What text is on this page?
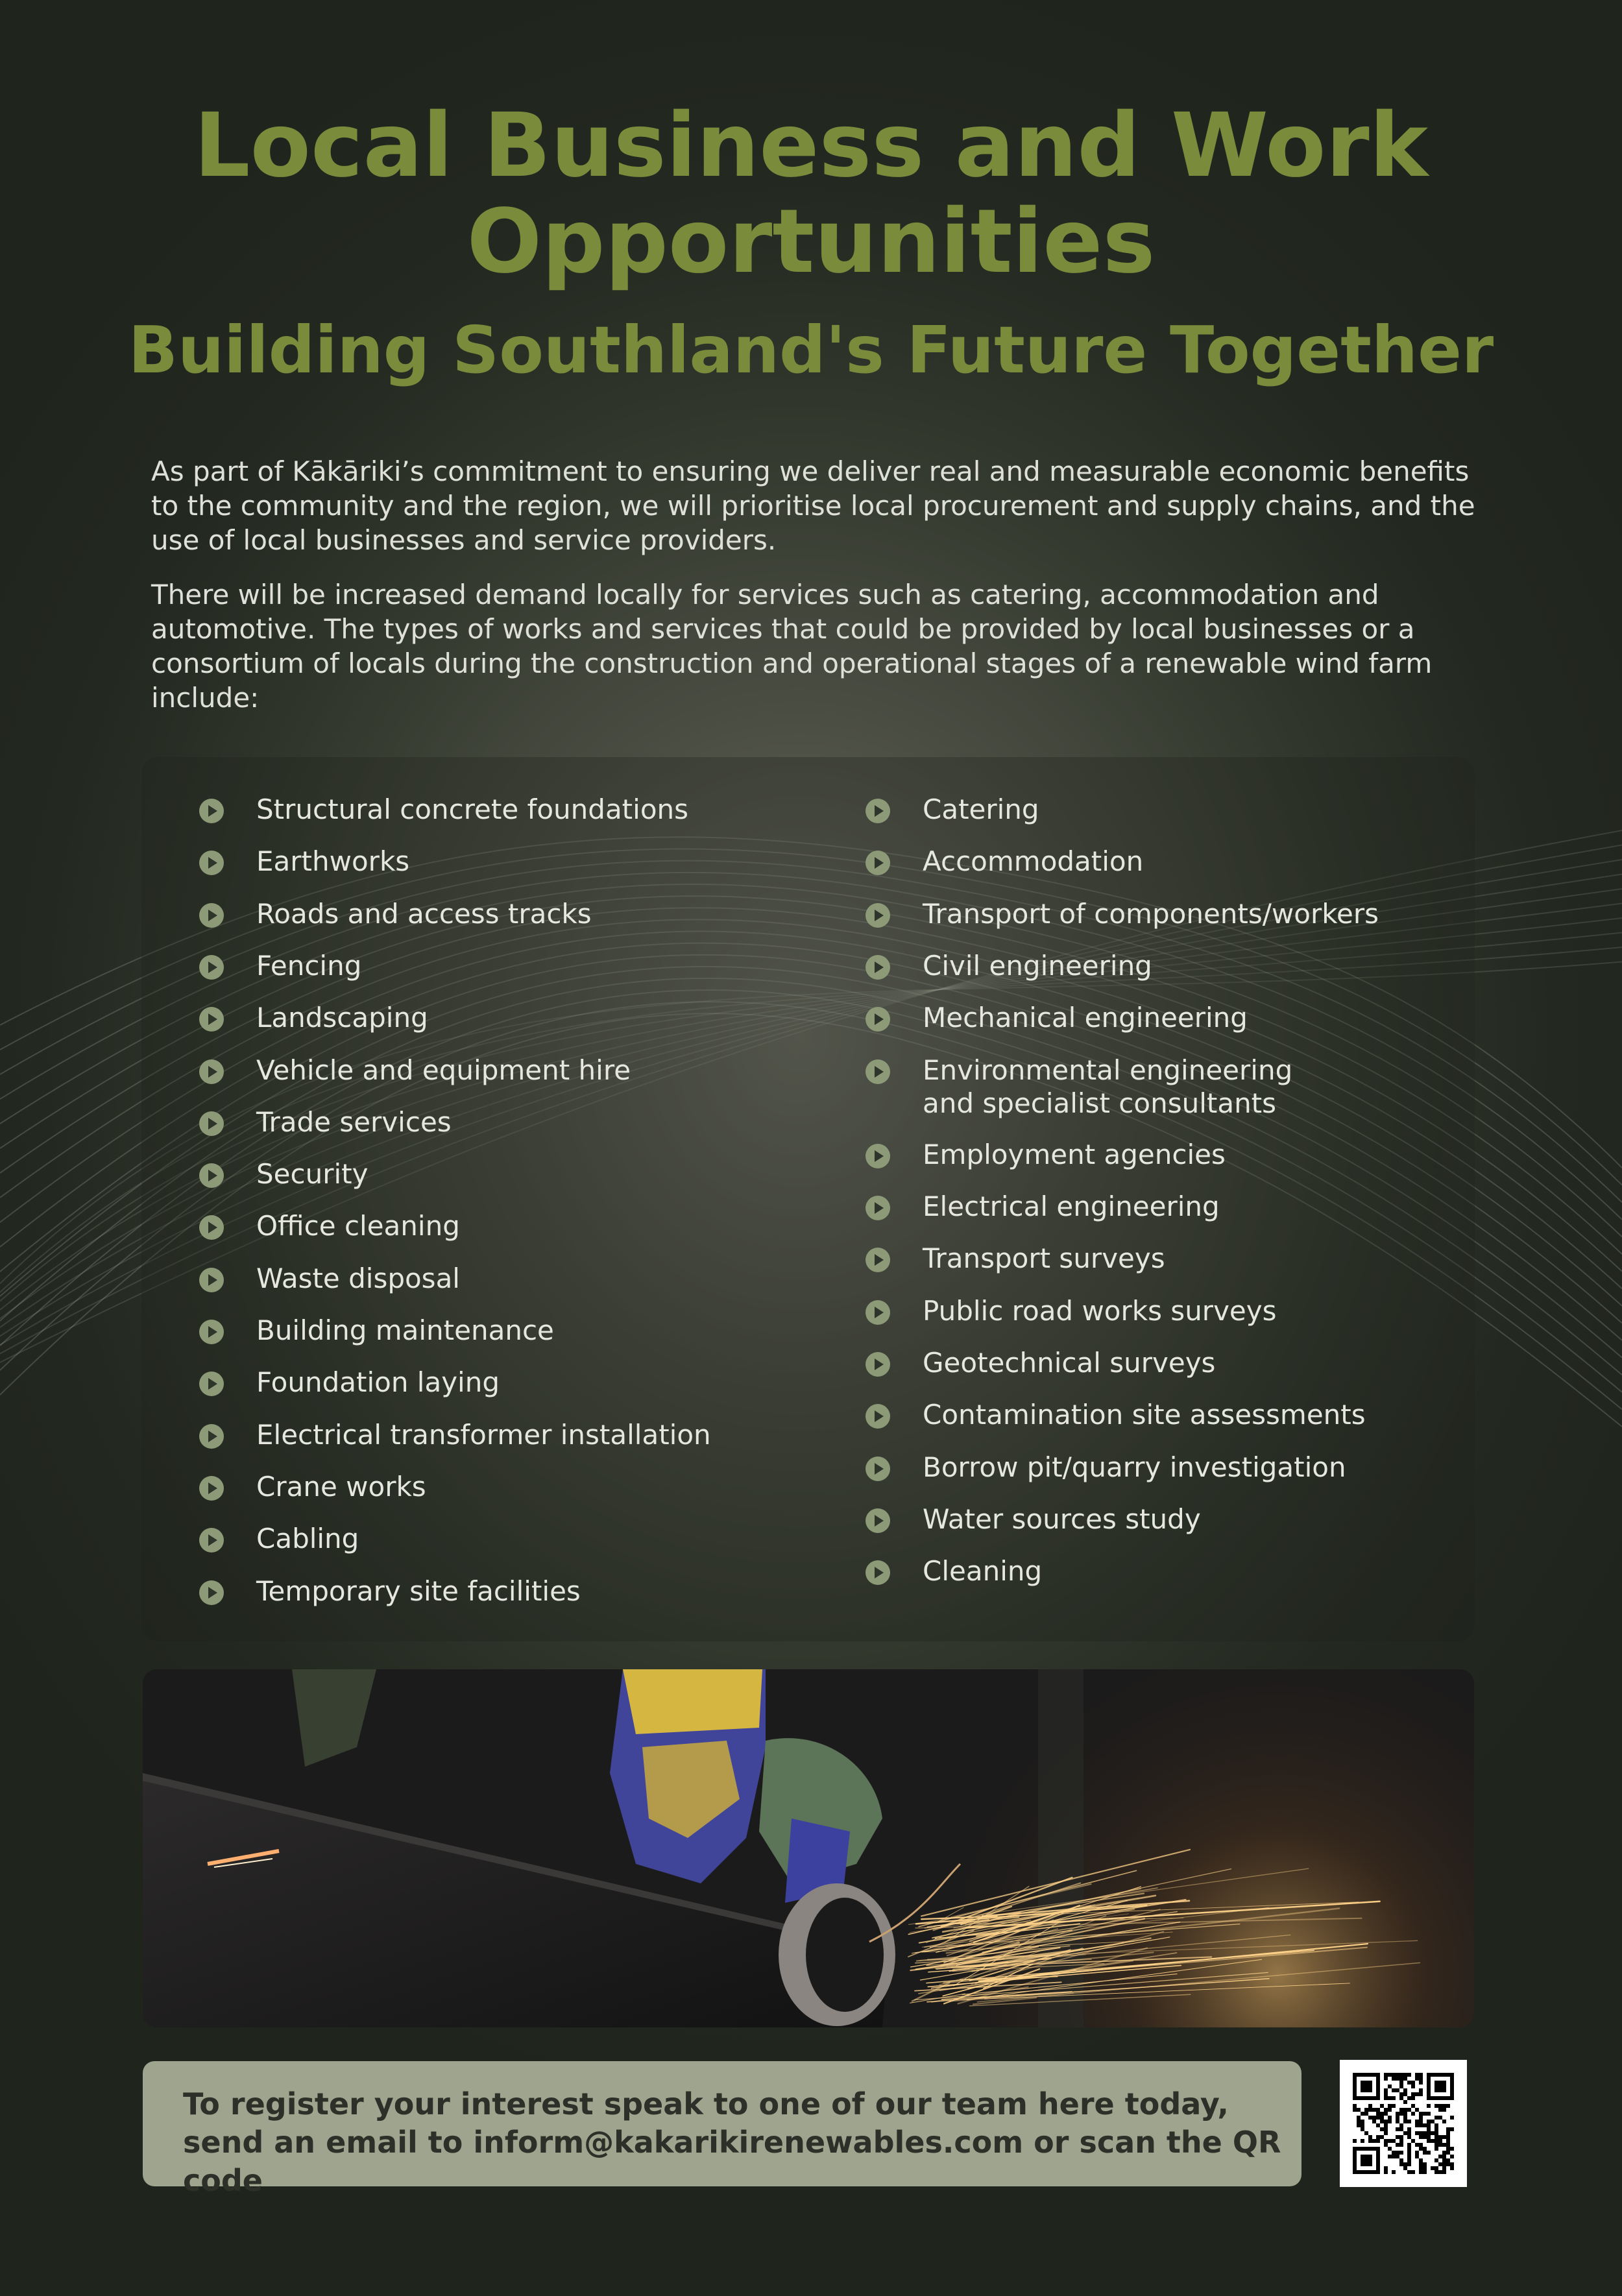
Local Business and Work
Opportunities
Building Southland's Future Together

As part of Kākāriki’s commitment to ensuring we deliver real and measurable economic benefits to the community and the region, we will prioritise local procurement and supply chains, and the use of local businesses and service providers.

There will be increased demand locally for services such as catering, accommodation and automotive. The types of works and services that could be provided by local businesses or a consortium of locals during the construction and operational stages of a renewable wind farm include:

Structural concrete foundations
Earthworks
Roads and access tracks
Fencing
Landscaping
Vehicle and equipment hire
Trade services
Security
Office cleaning
Waste disposal
Building maintenance
Foundation laying
Electrical transformer installation
Crane works
Cabling
Temporary site facilities
Catering
Accommodation
Transport of components/workers
Civil engineering
Mechanical engineering
Environmental engineering
and specialist consultants
Employment agencies
Electrical engineering
Transport surveys
Public road works surveys
Geotechnical surveys
Contamination site assessments
Borrow pit/quarry investigation
Water sources study
Cleaning

To register your interest speak to one of our team here today, send an email to inform@kakarikirenewables.com or scan the QR code
